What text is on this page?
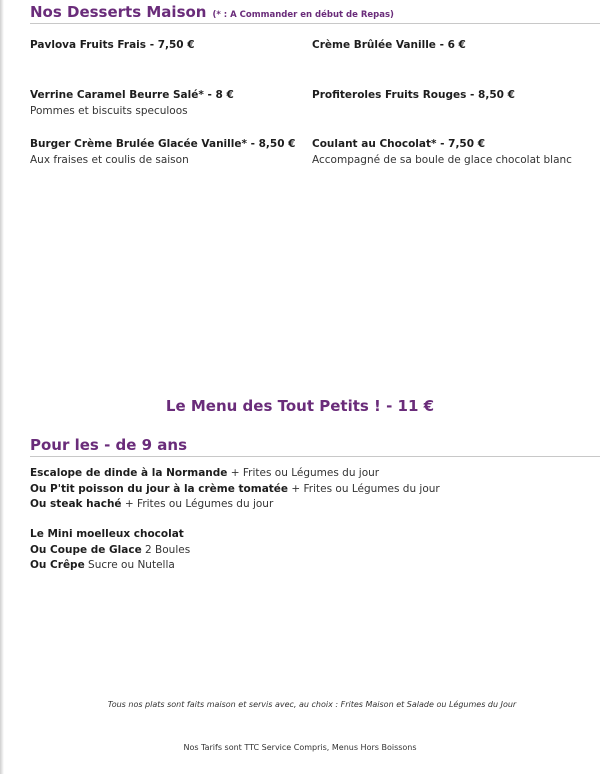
Nos Desserts Maison (* : A Commander en début de Repas)
Pavlova Fruits Frais - 7,50 €	Crème Brûlée Vanille - 6 €
Verrine Caramel Beurre Salé* - 8 €
Pommes et biscuits speculoos
Profiteroles Fruits Rouges - 8,50 €
Burger Crème Brulée Glacée Vanille* - 8,50 €
Aux fraises et coulis de saison
Coulant au Chocolat* - 7,50 €
Accompagné de sa boule de glace chocolat blanc
Le Menu des Tout Petits ! - 11 €
Pour les - de 9 ans
Escalope de dinde à la Normande + Frites ou Légumes du jour
Ou P'tit poisson du jour à la crème tomatée + Frites ou Légumes du jour
Ou steak haché + Frites ou Légumes du jour
Le Mini moelleux chocolat
Ou Coupe de Glace 2 Boules
Ou Crêpe Sucre ou Nutella
Tous nos plats sont faits maison et servis avec, au choix : Frites Maison et Salade ou Légumes du Jour
Nos Tarifs sont TTC Service Compris, Menus Hors Boissons
